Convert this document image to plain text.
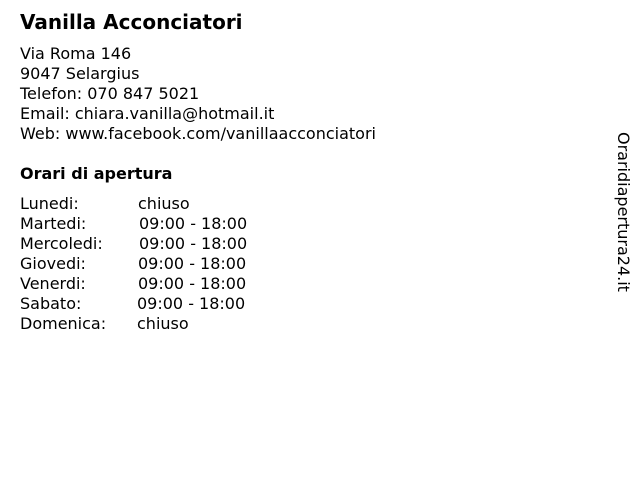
Vanilla Acconciatori
Via Roma 146
9047 Selargius
Telefon: 070 847 5021
Email: chiara.vanilla@hotmail.it
Web: www.facebook.com/vanillaacconciatori
Orari di apertura
Lunedi:	chiuso
Martedi:	09:00 - 18:00
Mercoledi: 09:00 - 18:00
Giovedi:	09:00 - 18:00
Venerdi:	09:00 - 18:00
Sabato:	09:00 - 18:00
Domenica: chiuso
Oraridiapertura24.it
